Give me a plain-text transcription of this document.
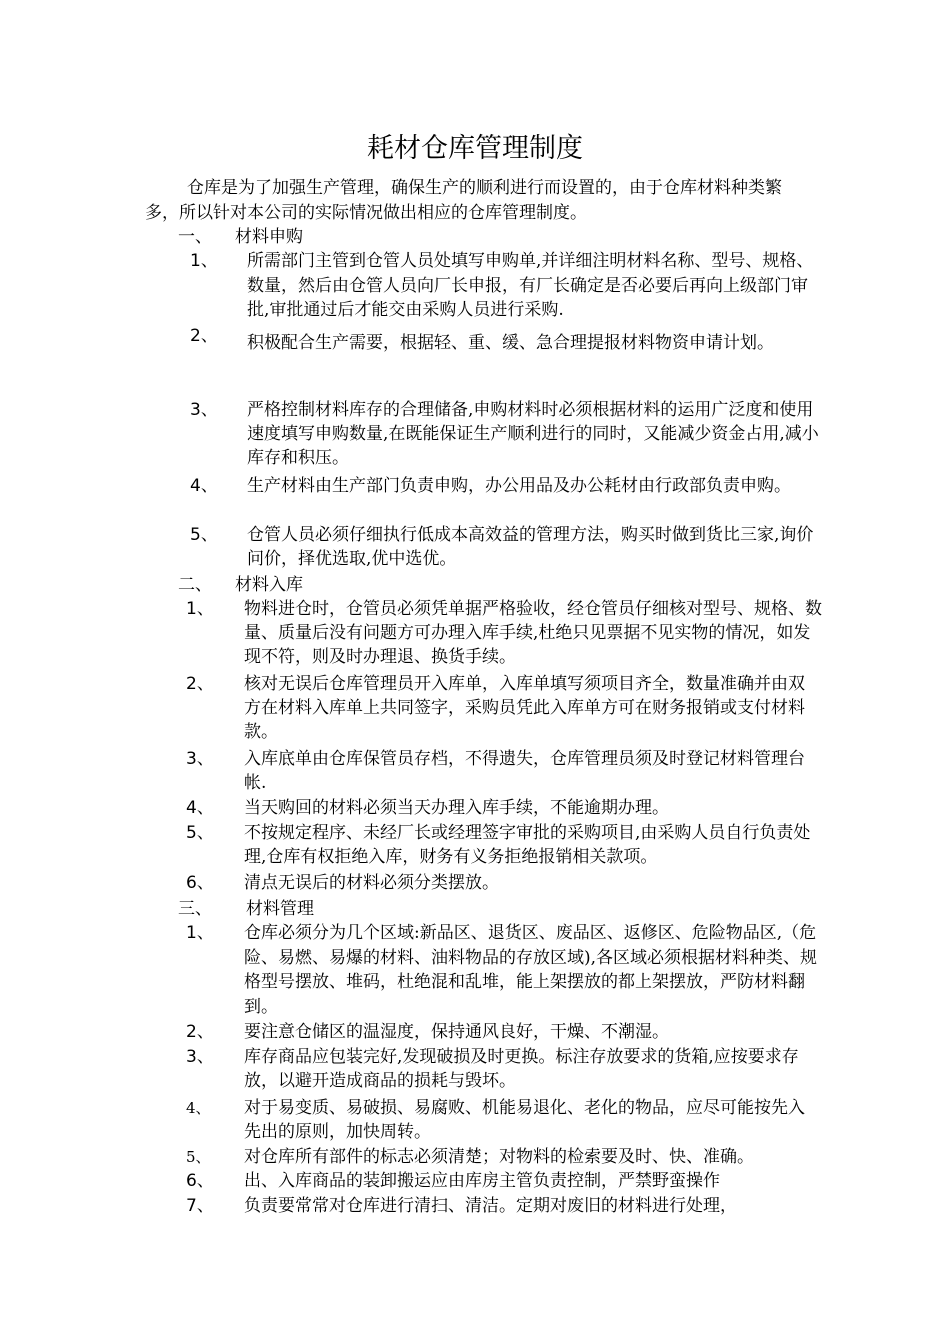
耗材仓库管理制度
仓库是为了加强生产管理，确保生产的顺利进行而设置的，由于仓库材料种类繁多，所以针对本公司的实际情况做出相应的仓库管理制度。
一、 材料申购
1、 所需部门主管到仓管人员处填写申购单,并详细注明材料名称、型号、规格、数量，然后由仓管人员向厂长申报，有厂长确定是否必要后再向上级部门审批,审批通过后才能交由采购人员进行采购.
2、 积极配合生产需要，根据轻、重、缓、急合理提报材料物资申请计划。
3、 严格控制材料库存的合理储备,申购材料时必须根据材料的运用广泛度和使用速度填写申购数量,在既能保证生产顺利进行的同时，又能减少资金占用,减小库存和积压。
4、 生产材料由生产部门负责申购，办公用品及办公耗材由行政部负责申购。
5、 仓管人员必须仔细执行低成本高效益的管理方法，购买时做到货比三家,询价问价，择优选取,优中选优。
二、 材料入库
1、 物料进仓时，仓管员必须凭单据严格验收，经仓管员仔细核对型号、规格、数量、质量后没有问题方可办理入库手续,杜绝只见票据不见实物的情况，如发现不符，则及时办理退、换货手续。
2、 核对无误后仓库管理员开入库单，入库单填写须项目齐全，数量准确并由双方在材料入库单上共同签字，采购员凭此入库单方可在财务报销或支付材料款。
3、 入库底单由仓库保管员存档，不得遗失，仓库管理员须及时登记材料管理台帐.
4、 当天购回的材料必须当天办理入库手续，不能逾期办理。
5、 不按规定程序、未经厂长或经理签字审批的采购项目,由采购人员自行负责处理,仓库有权拒绝入库，财务有义务拒绝报销相关款项。
6、 清点无误后的材料必须分类摆放。
三、 材料管理
1、 仓库必须分为几个区域:新品区、退货区、废品区、返修区、危险物品区,（危险、易燃、易爆的材料、油料物品的存放区域),各区域必须根据材料种类、规格型号摆放、堆码，杜绝混和乱堆，能上架摆放的都上架摆放，严防材料翻到。
2、 要注意仓储区的温湿度，保持通风良好，干燥、不潮湿。
3、 库存商品应包装完好,发现破损及时更换。标注存放要求的货箱,应按要求存放，以避开造成商品的损耗与毁坏。
4、 对于易变质、易破损、易腐败、机能易退化、老化的物品，应尽可能按先入先出的原则，加快周转。
5、 对仓库所有部件的标志必须清楚；对物料的检索要及时、快、准确。
6、 出、入库商品的装卸搬运应由库房主管负责控制，严禁野蛮操作
7、 负责要常常对仓库进行清扫、清洁。定期对废旧的材料进行处理，
